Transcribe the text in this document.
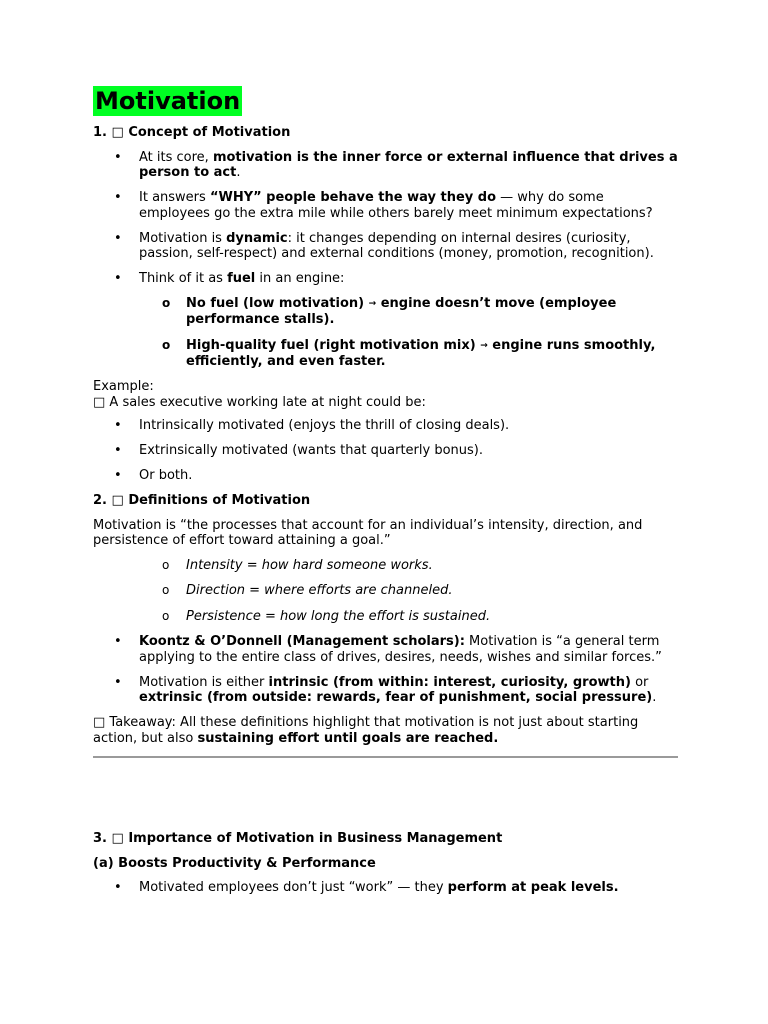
Motivation
1. □ Concept of Motivation
• At its core, motivation is the inner force or external influence that drives a person to act.
• It answers “WHY” people behave the way they do — why do some employees go the extra mile while others barely meet minimum expectations?
• Motivation is dynamic: it changes depending on internal desires (curiosity, passion, self-respect) and external conditions (money, promotion, recognition).
• Think of it as fuel in an engine:
o No fuel (low motivation) → engine doesn’t move (employee performance stalls).
o High-quality fuel (right motivation mix) → engine runs smoothly, efficiently, and even faster.
Example:
□ A sales executive working late at night could be:
• Intrinsically motivated (enjoys the thrill of closing deals).
• Extrinsically motivated (wants that quarterly bonus).
• Or both.
2. □ Definitions of Motivation
Motivation is “the processes that account for an individual’s intensity, direction, and persistence of effort toward attaining a goal.”
o Intensity = how hard someone works.
o Direction = where efforts are channeled.
o Persistence = how long the effort is sustained.
• Koontz & O’Donnell (Management scholars): Motivation is “a general term applying to the entire class of drives, desires, needs, wishes and similar forces.”
• Motivation is either intrinsic (from within: interest, curiosity, growth) or extrinsic (from outside: rewards, fear of punishment, social pressure).
□ Takeaway: All these definitions highlight that motivation is not just about starting action, but also sustaining effort until goals are reached.
3. □ Importance of Motivation in Business Management
(a) Boosts Productivity & Performance
• Motivated employees don’t just “work” — they perform at peak levels.
